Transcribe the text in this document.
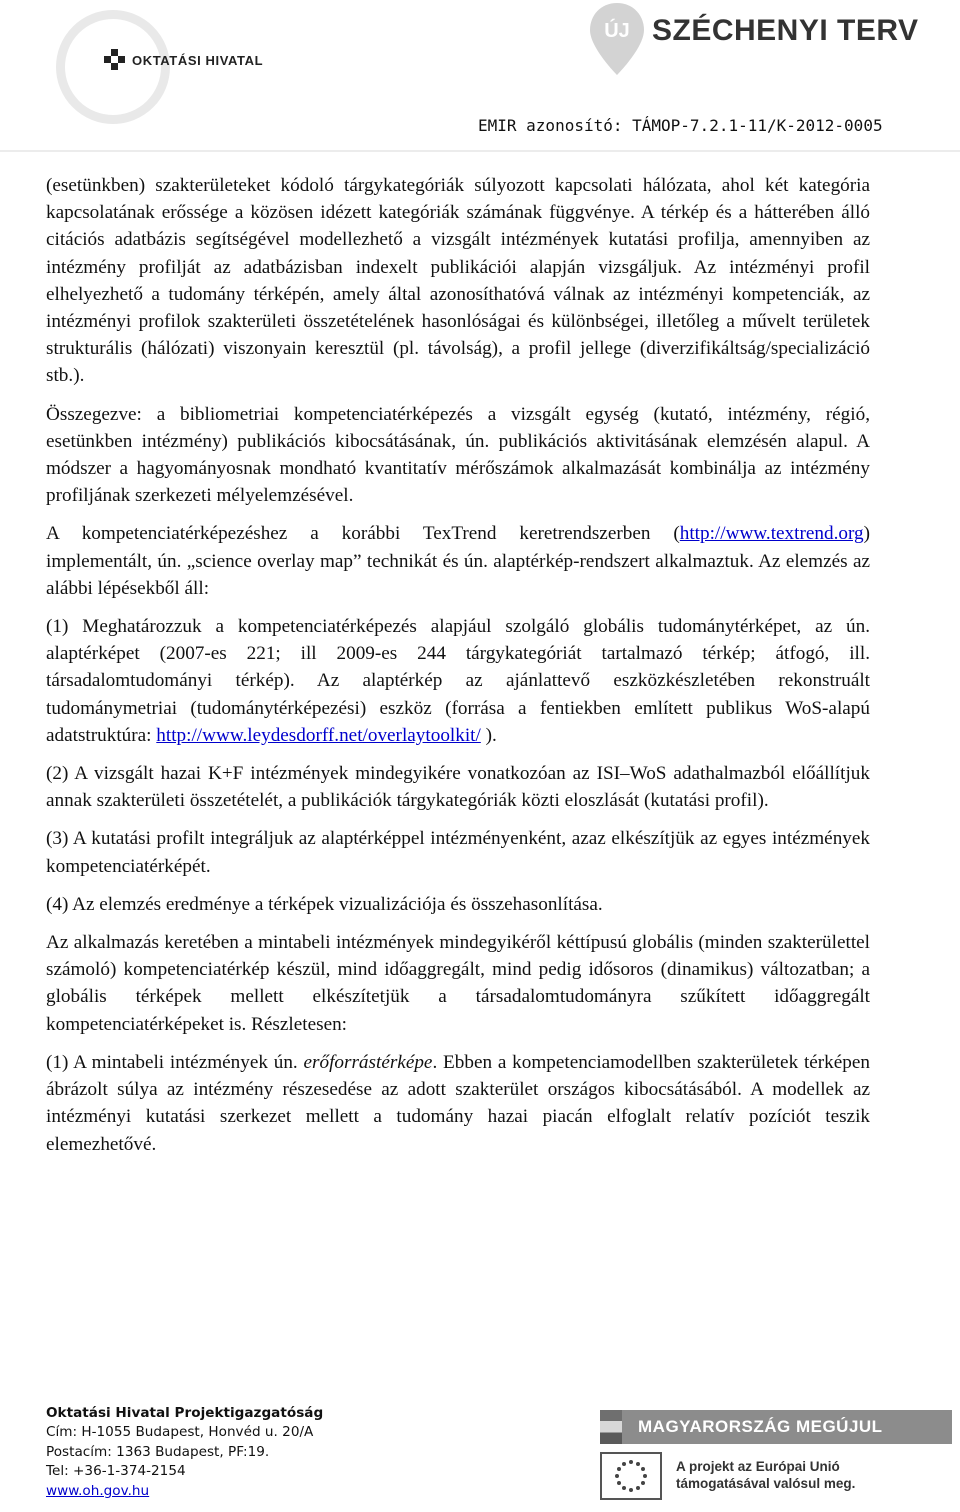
OKTATÁSI HIVATAL
ÚJ SZÉCHENYI TERV
EMIR azonosító: TÁMOP-7.2.1-11/K-2012-0005

(esetünkben) szakterületeket kódoló tárgykategóriák súlyozott kapcsolati hálózata, ahol két kategória kapcsolatának erőssége a közösen idézett kategóriák számának függvénye. A térkép és a hátterében álló citációs adatbázis segítségével modellezhető a vizsgált intézmények kutatási profilja, amennyiben az intézmény profilját az adatbázisban indexelt publikációi alapján vizsgáljuk. Az intézményi profil elhelyezhető a tudomány térképén, amely által azonosíthatóvá válnak az intézményi kompetenciák, az intézményi profilok szakterületi összetételének hasonlóságai és különbségei, illetőleg a művelt területek strukturális (hálózati) viszonyain keresztül (pl. távolság), a profil jellege (diverzifikáltság/specializáció stb.).

Összegezve: a bibliometriai kompetenciatérképezés a vizsgált egység (kutató, intézmény, régió, esetünkben intézmény) publikációs kibocsátásának, ún. publikációs aktivitásának elemzésén alapul. A módszer a hagyományosnak mondható kvantitatív mérőszámok alkalmazását kombinálja az intézmény profiljának szerkezeti mélyelemzésével.

A kompetenciatérképezéshez a korábbi TexTrend keretrendszerben (http://www.textrend.org) implementált, ún. „science overlay map” technikát és ún. alaptérkép-rendszert alkalmaztuk. Az elemzés az alábbi lépésekből áll:

(1) Meghatározzuk a kompetenciatérképezés alapjául szolgáló globális tudománytérképet, az ún. alaptérképet (2007-es 221; ill 2009-es 244 tárgykategóriát tartalmazó térkép; átfogó, ill. társadalomtudományi térkép). Az alaptérkép az ajánlattevő eszközkészletében rekonstruált tudománymetriai (tudománytérképezési) eszköz (forrása a fentiekben említett publikus WoS-alapú adatstruktúra: http://www.leydesdorff.net/overlaytoolkit/ ).

(2) A vizsgált hazai K+F intézmények mindegyikére vonatkozóan az ISI–WoS adathalmazból előállítjuk annak szakterületi összetételét, a publikációk tárgykategóriák közti eloszlását (kutatási profil).

(3) A kutatási profilt integráljuk az alaptérképpel intézményenként, azaz elkészítjük az egyes intézmények kompetenciatérképét.

(4) Az elemzés eredménye a térképek vizualizációja és összehasonlítása.

Az alkalmazás keretében a mintabeli intézmények mindegyikéről kéttípusú globális (minden szakterülettel számoló) kompetenciatérkép készül, mind időaggregált, mind pedig idősoros (dinamikus) változatban; a globális térképek mellett elkészítetjük a társadalomtudományra szűkített időaggregált kompetenciatérképeket is. Részletesen:

(1) A mintabeli intézmények ún. erőforrástérképe. Ebben a kompetenciamodellben szakterületek térképen ábrázolt súlya az intézmény részesedése az adott szakterület országos kibocsátásából. A modellek az intézményi kutatási szerkezet mellett a tudomány hazai piacán elfoglalt relatív pozíciót teszik elemezhetővé.

Oktatási Hivatal Projektigazgatóság
Cím: H-1055 Budapest, Honvéd u. 20/A
Postacím: 1363 Budapest, PF:19.
Tel: +36-1-374-2154
www.oh.gov.hu
MAGYARORSZÁG MEGÚJUL
A projekt az Európai Unió
támogatásával valósul meg.
